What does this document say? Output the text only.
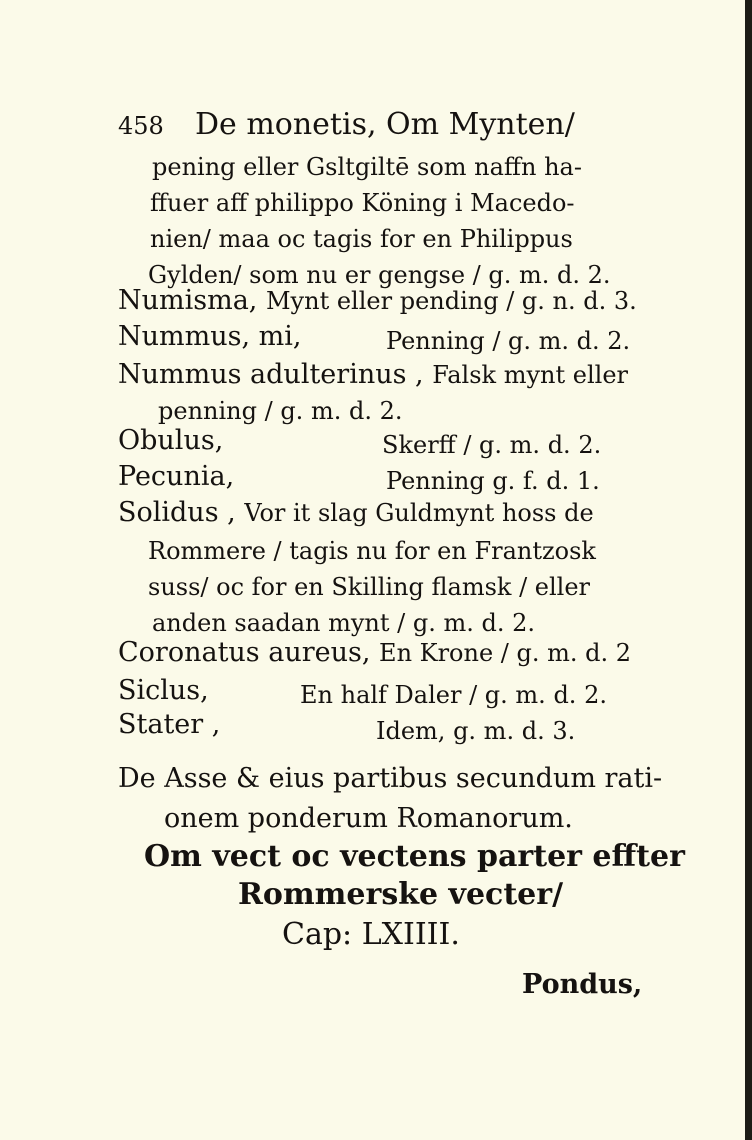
458 De monetis, Om Mynten/
pening eller Gsltgiltē som naffn ha-
ffuer aff philippo Köning i Macedo-
nien/ maa oc tagis for en Philippus
Gylden/ som nu er gengse / g. m. d. 2.
Numisma, Mynt eller pending / g. n. d. 3.
Nummus, mi,	Penning / g. m. d. 2.
Nummus adulterinus , Falsk mynt eller
penning / g. m. d. 2.
Obulus,	Skerff / g. m. d. 2.
Pecunia,	Penning g. f. d. 1.
Solidus , Vor it slag Guldmynt hoss de
Rommere / tagis nu for en Frantzosk
suss/ oc for en Skilling flamsk / eller
anden saadan mynt / g. m. d. 2.
Coronatus aureus, En Krone / g. m. d. 2
Siclus,	En half Daler / g. m. d. 2.
Stater ,	Idem, g. m. d. 3.
De Asse & eius partibus secundum rati-
onem ponderum Romanorum.
Om vect oc vectens parter effter
Rommerske vecter/
Cap: LXIIII.
Pondus,
